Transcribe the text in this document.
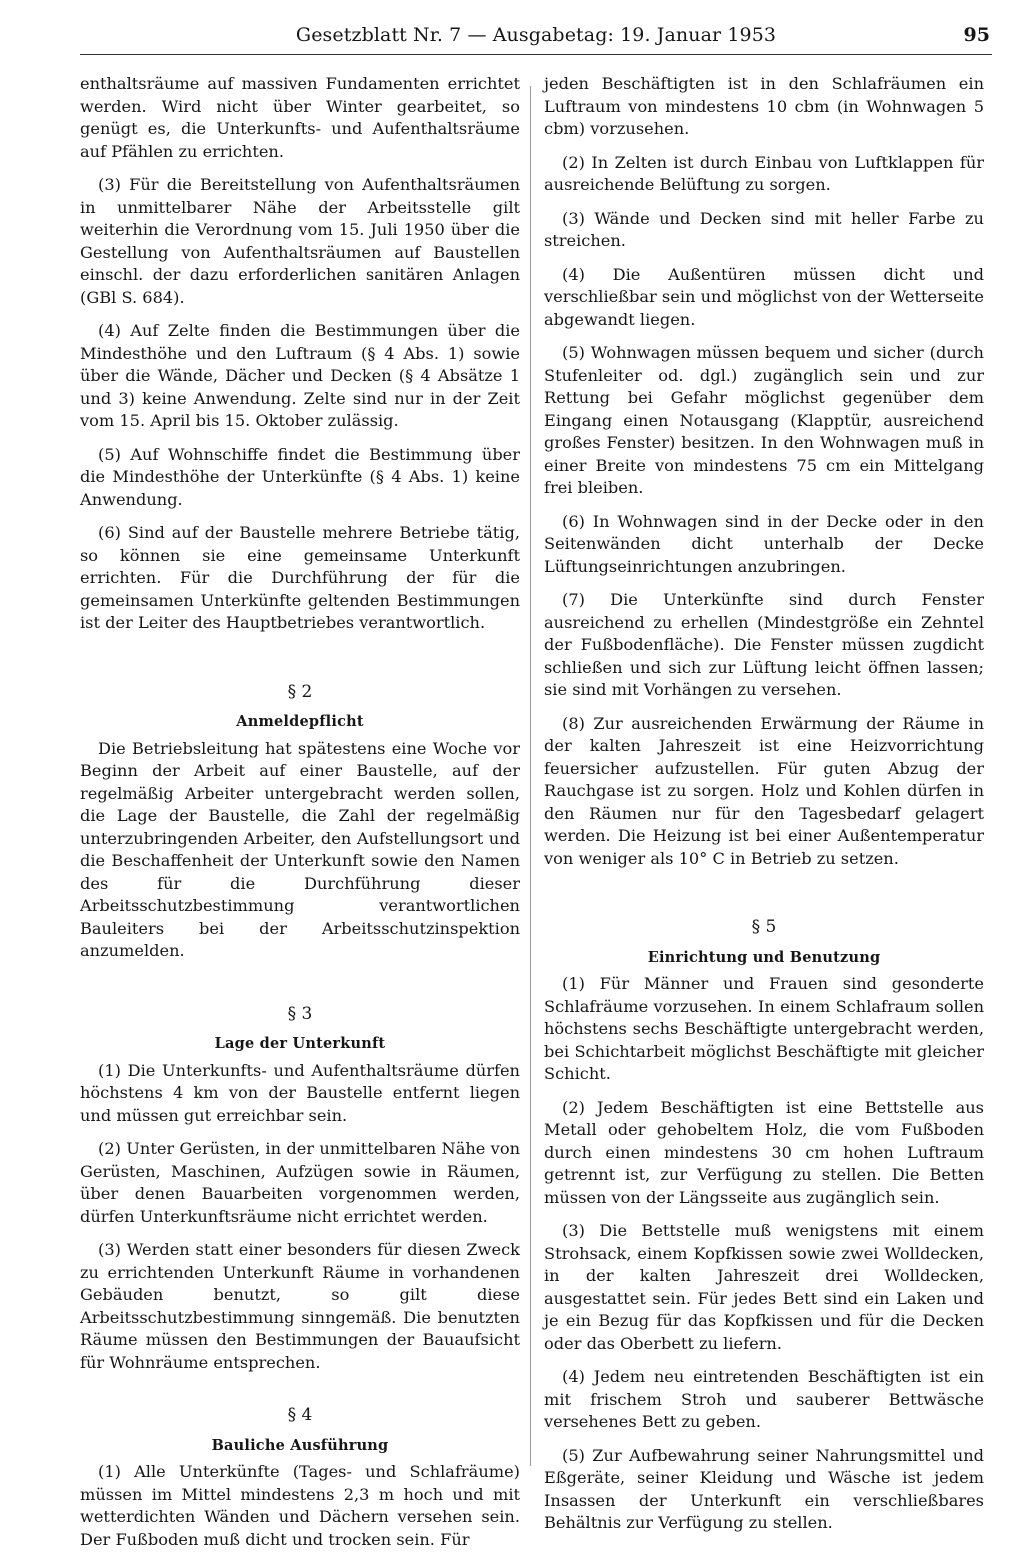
Gesetzblatt Nr. 7 — Ausgabetag: 19. Januar 1953	95

enthaltsräume auf massiven Fundamenten errichtet werden. Wird nicht über Winter gearbeitet, so genügt es, die Unterkunfts- und Aufenthaltsräume auf Pfählen zu errichten.

(3) Für die Bereitstellung von Aufenthaltsräumen in unmittelbarer Nähe der Arbeitsstelle gilt weiterhin die Verordnung vom 15. Juli 1950 über die Gestellung von Aufenthaltsräumen auf Baustellen einschl. der dazu erforderlichen sanitären Anlagen (GBl S. 684).

(4) Auf Zelte finden die Bestimmungen über die Mindesthöhe und den Luftraum (§ 4 Abs. 1) sowie über die Wände, Dächer und Decken (§ 4 Absätze 1 und 3) keine Anwendung. Zelte sind nur in der Zeit vom 15. April bis 15. Oktober zulässig.

(5) Auf Wohnschiffe findet die Bestimmung über die Mindesthöhe der Unterkünfte (§ 4 Abs. 1) keine Anwendung.

(6) Sind auf der Baustelle mehrere Betriebe tätig, so können sie eine gemeinsame Unterkunft errichten. Für die Durchführung der für die gemeinsamen Unterkünfte geltenden Bestimmungen ist der Leiter des Hauptbetriebes verantwortlich.

§ 2
Anmeldepflicht

Die Betriebsleitung hat spätestens eine Woche vor Beginn der Arbeit auf einer Baustelle, auf der regelmäßig Arbeiter untergebracht werden sollen, die Lage der Baustelle, die Zahl der regelmäßig unterzubringenden Arbeiter, den Aufstellungsort und die Beschaffenheit der Unterkunft sowie den Namen des für die Durchführung dieser Arbeitsschutzbestimmung verantwortlichen Bauleiters bei der Arbeitsschutzinspektion anzumelden.

§ 3
Lage der Unterkunft

(1) Die Unterkunfts- und Aufenthaltsräume dürfen höchstens 4 km von der Baustelle entfernt liegen und müssen gut erreichbar sein.

(2) Unter Gerüsten, in der unmittelbaren Nähe von Gerüsten, Maschinen, Aufzügen sowie in Räumen, über denen Bauarbeiten vorgenommen werden, dürfen Unterkunftsräume nicht errichtet werden.

(3) Werden statt einer besonders für diesen Zweck zu errichtenden Unterkunft Räume in vorhandenen Gebäuden benutzt, so gilt diese Arbeitsschutzbestimmung sinngemäß. Die benutzten Räume müssen den Bestimmungen der Bauaufsicht für Wohnräume entsprechen.

§ 4
Bauliche Ausführung

(1) Alle Unterkünfte (Tages- und Schlafräume) müssen im Mittel mindestens 2,3 m hoch und mit wetterdichten Wänden und Dächern versehen sein. Der Fußboden muß dicht und trocken sein. Für

jeden Beschäftigten ist in den Schlafräumen ein Luftraum von mindestens 10 cbm (in Wohnwagen 5 cbm) vorzusehen.

(2) In Zelten ist durch Einbau von Luftklappen für ausreichende Belüftung zu sorgen.

(3) Wände und Decken sind mit heller Farbe zu streichen.

(4) Die Außentüren müssen dicht und verschließbar sein und möglichst von der Wetterseite abgewandt liegen.

(5) Wohnwagen müssen bequem und sicher (durch Stufenleiter od. dgl.) zugänglich sein und zur Rettung bei Gefahr möglichst gegenüber dem Eingang einen Notausgang (Klapptür, ausreichend großes Fenster) besitzen. In den Wohnwagen muß in einer Breite von mindestens 75 cm ein Mittelgang frei bleiben.

(6) In Wohnwagen sind in der Decke oder in den Seitenwänden dicht unterhalb der Decke Lüftungseinrichtungen anzubringen.

(7) Die Unterkünfte sind durch Fenster ausreichend zu erhellen (Mindestgröße ein Zehntel der Fußbodenfläche). Die Fenster müssen zugdicht schließen und sich zur Lüftung leicht öffnen lassen; sie sind mit Vorhängen zu versehen.

(8) Zur ausreichenden Erwärmung der Räume in der kalten Jahreszeit ist eine Heizvorrichtung feuersicher aufzustellen. Für guten Abzug der Rauchgase ist zu sorgen. Holz und Kohlen dürfen in den Räumen nur für den Tagesbedarf gelagert werden. Die Heizung ist bei einer Außentemperatur von weniger als 10° C in Betrieb zu setzen.

§ 5
Einrichtung und Benutzung

(1) Für Männer und Frauen sind gesonderte Schlafräume vorzusehen. In einem Schlafraum sollen höchstens sechs Beschäftigte untergebracht werden, bei Schichtarbeit möglichst Beschäftigte mit gleicher Schicht.

(2) Jedem Beschäftigten ist eine Bettstelle aus Metall oder gehobeltem Holz, die vom Fußboden durch einen mindestens 30 cm hohen Luftraum getrennt ist, zur Verfügung zu stellen. Die Betten müssen von der Längsseite aus zugänglich sein.

(3) Die Bettstelle muß wenigstens mit einem Strohsack, einem Kopfkissen sowie zwei Wolldecken, in der kalten Jahreszeit drei Wolldecken, ausgestattet sein. Für jedes Bett sind ein Laken und je ein Bezug für das Kopfkissen und für die Decken oder das Oberbett zu liefern.

(4) Jedem neu eintretenden Beschäftigten ist ein mit frischem Stroh und sauberer Bettwäsche versehenes Bett zu geben.

(5) Zur Aufbewahrung seiner Nahrungsmittel und Eßgeräte, seiner Kleidung und Wäsche ist jedem Insassen der Unterkunft ein verschließbares Behältnis zur Verfügung zu stellen.
